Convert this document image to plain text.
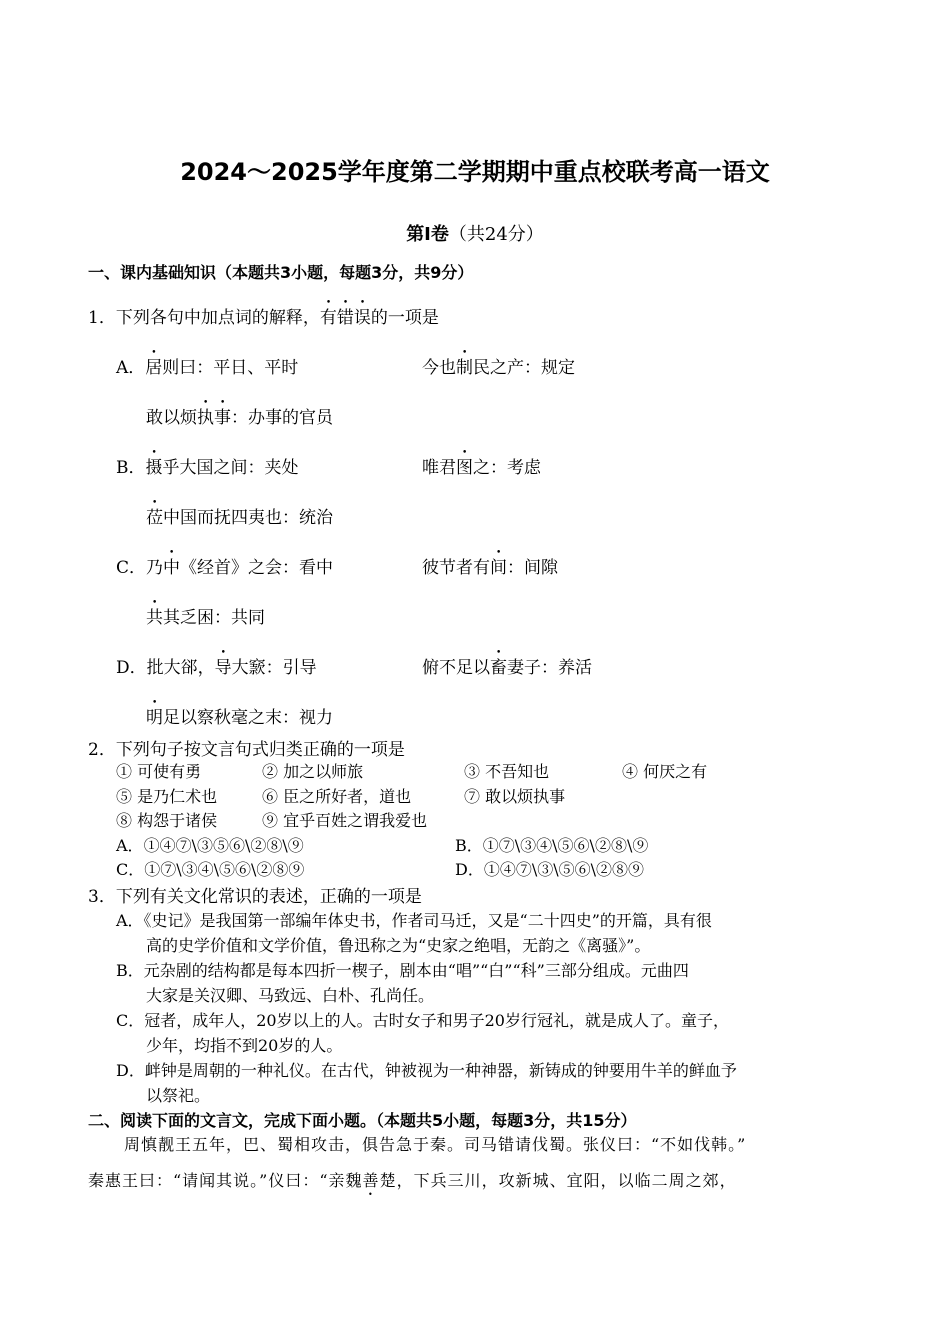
2024～2025学年度第二学期期中重点校联考高一语文
第Ⅰ卷（共24分）
一、课内基础知识（本题共3小题，每题3分，共9分）
1．下列各句中加点词的解释，有错误的一项是
A．居则曰：平日、平时	今也制民之产：规定
敢以烦执事：办事的官员
B．摄乎大国之间：夹处	唯君图之：考虑
莅中国而抚四夷也：统治
C．乃中《经首》之会：看中	彼节者有间：间隙
共其乏困：共同
D．批大郤，导大窾：引导	俯不足以畜妻子：养活
明足以察秋毫之末：视力
2．下列句子按文言句式归类正确的一项是
① 可使有勇	② 加之以师旅	③ 不吾知也	④ 何厌之有
⑤ 是乃仁术也	⑥ 臣之所好者，道也	⑦ 敢以烦执事
⑧ 构怨于诸侯	⑨ 宜乎百姓之谓我爱也
A．①④⑦\③⑤⑥\②⑧\⑨	B．①⑦\③④\⑤⑥\②⑧\⑨
C．①⑦\③④\⑤⑥\②⑧⑨	D．①④⑦\③\⑤⑥\②⑧⑨
3．下列有关文化常识的表述，正确的一项是
A．《史记》是我国第一部编年体史书，作者司马迁，又是“二十四史”的开篇，具有很
高的史学价值和文学价值，鲁迅称之为“史家之绝唱，无韵之《离骚》”。
B．元杂剧的结构都是每本四折一楔子，剧本由“唱”“白”“科”三部分组成。元曲四
大家是关汉卿、马致远、白朴、孔尚任。
C．冠者，成年人，20岁以上的人。古时女子和男子20岁行冠礼，就是成人了。童子，
少年，均指不到20岁的人。
D．衅钟是周朝的一种礼仪。在古代，钟被视为一种神器，新铸成的钟要用牛羊的鲜血予
以祭祀。
二、阅读下面的文言文，完成下面小题。（本题共5小题，每题3分，共15分）
周慎靓王五年，巴、蜀相攻击，俱告急于秦。司马错请伐蜀。张仪曰：“不如伐韩。”
秦惠王曰：“请闻其说。”仪曰：“亲魏善楚，下兵三川，攻新城、宜阳，以临二周之郊，
